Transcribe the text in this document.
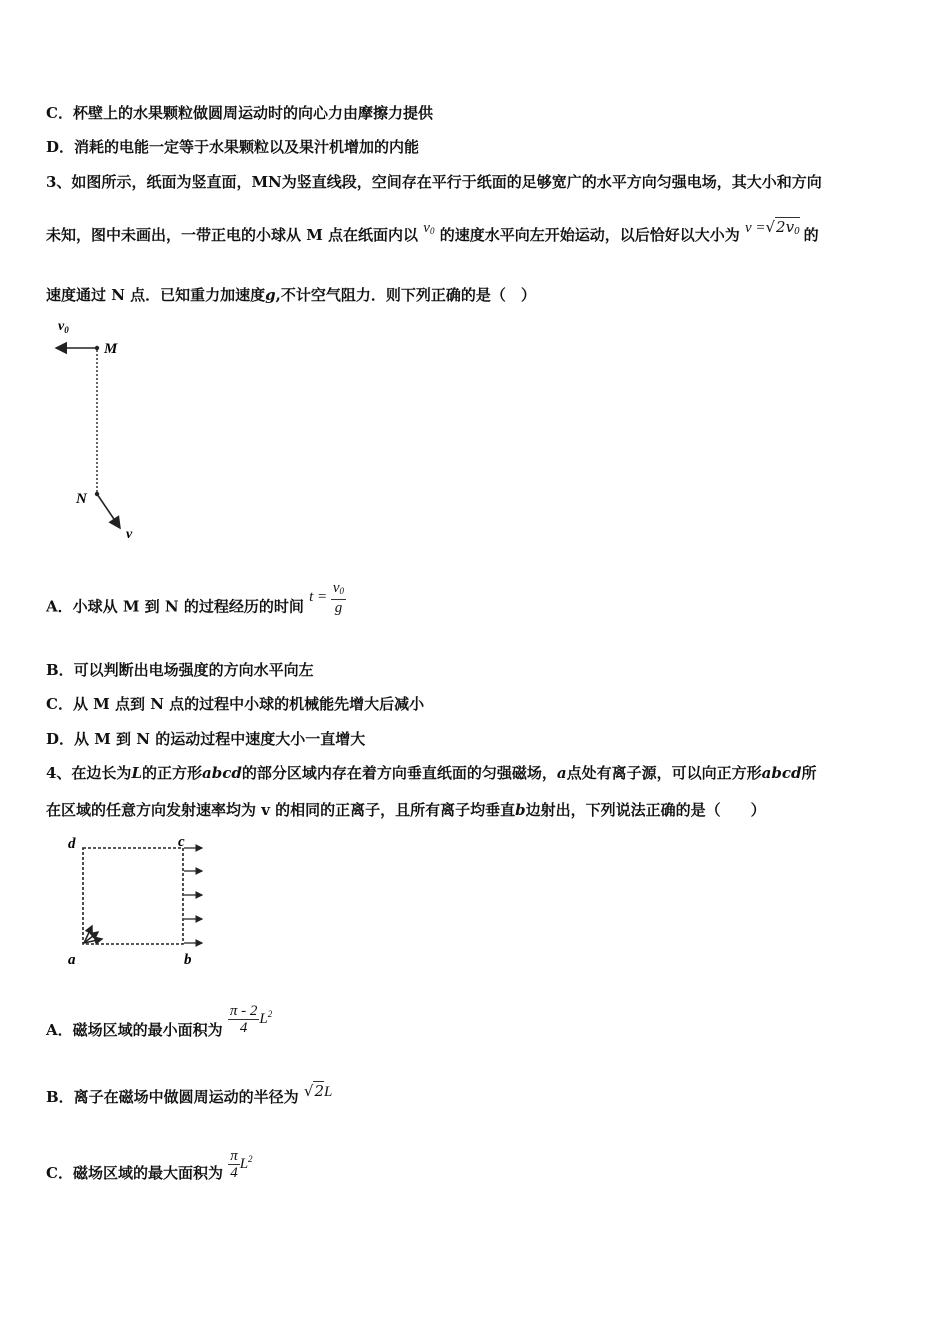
C．杯壁上的水果颗粒做圆周运动时的向心力由摩擦力提供
D．消耗的电能一定等于水果颗粒以及果汁机增加的内能
3、如图所示，纸面为竖直面，MN为竖直线段，空间存在平行于纸面的足够宽广的水平方向匀强电场，其大小和方向
未知，图中未画出，一带正电的小球从 M 点在纸面内以 $v_0$ 的速度水平向左开始运动，以后恰好以大小为 $v =√2v_0$ 的
速度通过 N 点．已知重力加速度g,不计空气阻力．则下列正确的是（　）
$v_0$
M
N
v
A．小球从 M 到 N 的过程经历的时间 $t = \frac{v_0}{g}$
B．可以判断出电场强度的方向水平向左
C．从 M 点到 N 点的过程中小球的机械能先增大后减小
D．从 M 到 N 的运动过程中速度大小一直增大
4、在边长为L的正方形abcd的部分区域内存在着方向垂直纸面的匀强磁场，a点处有离子源，可以向正方形abcd所
在区域的任意方向发射速率均为 v 的相同的正离子，且所有离子均垂直b边射出，下列说法正确的是（　　）
d	c
a	b
A．磁场区域的最小面积为 $\frac{\pi - 2}{4} L^2$
B．离子在磁场中做圆周运动的半径为 √2L
C．磁场区域的最大面积为 $\frac{\pi}{4} L^2$
